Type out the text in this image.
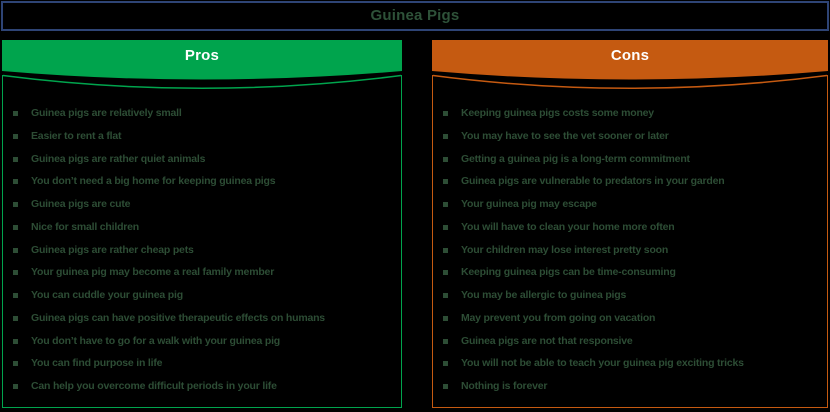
Guinea Pigs
Pros
Guinea pigs are relatively small
Easier to rent a flat
Guinea pigs are rather quiet animals
You don’t need a big home for keeping guinea pigs
Guinea pigs are cute
Nice for small children
Guinea pigs are rather cheap pets
Your guinea pig may become a real family member
You can cuddle your guinea pig
Guinea pigs can have positive therapeutic effects on humans
You don’t have to go for a walk with your guinea pig
You can find purpose in life
Can help you overcome difficult periods in your life
Cons
Keeping guinea pigs costs some money
You may have to see the vet sooner or later
Getting a guinea pig is a long-term commitment
Guinea pigs are vulnerable to predators in your garden
Your guinea pig may escape
You will have to clean your home more often
Your children may lose interest pretty soon
Keeping guinea pigs can be time-consuming
You may be allergic to guinea pigs
May prevent you from going on vacation
Guinea pigs are not that responsive
You will not be able to teach your guinea pig exciting tricks
Nothing is forever
